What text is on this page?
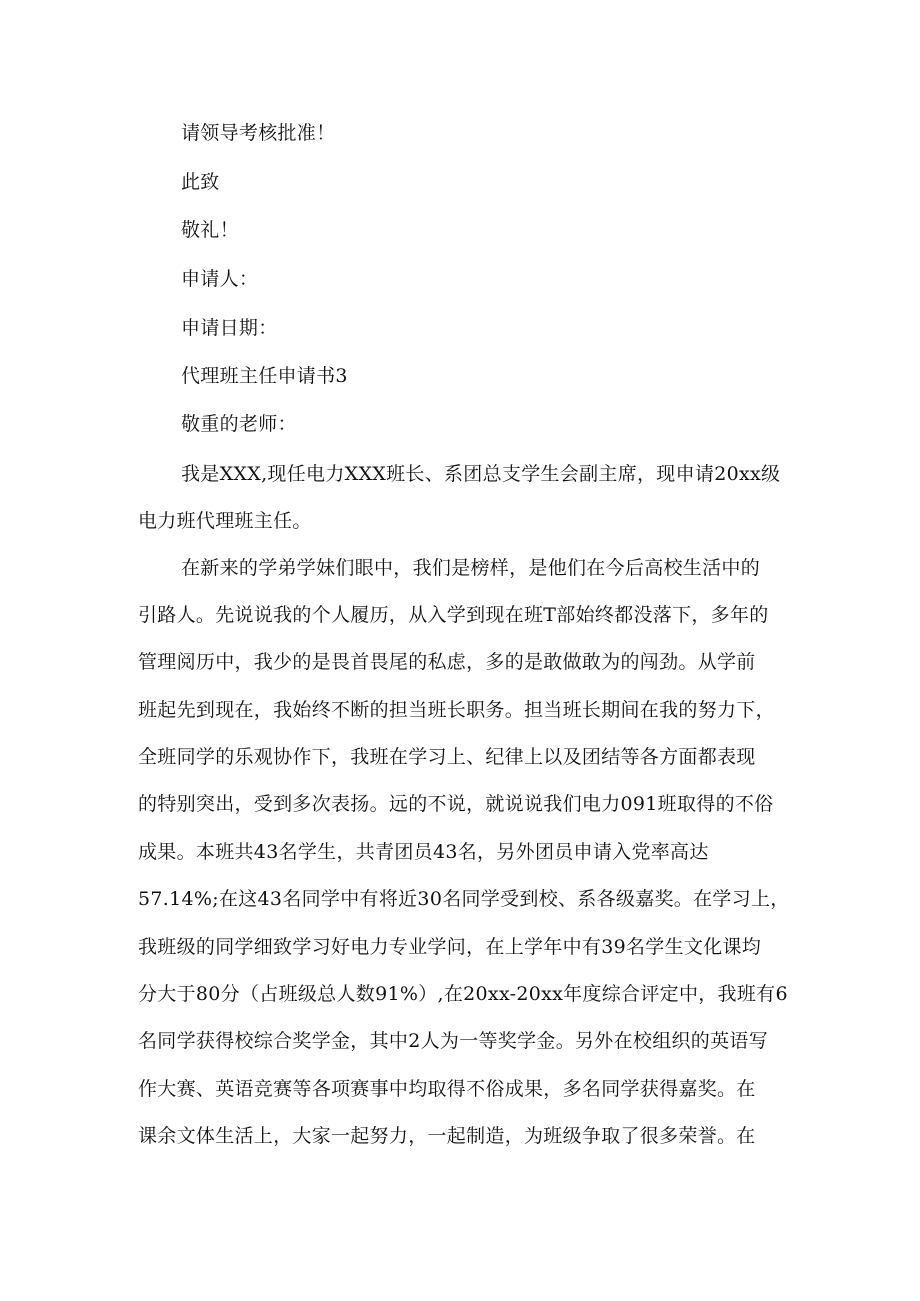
请领导考核批准！
此致
敬礼！
申请人：
申请日期：
代理班主任申请书3
敬重的老师：
我是XXX,现任电力XXX班长、系团总支学生会副主席，现申请20xx级
电力班代理班主任。
在新来的学弟学妹们眼中，我们是榜样，是他们在今后高校生活中的
引路人。先说说我的个人履历，从入学到现在班T部始终都没落下，多年的
管理阅历中，我少的是畏首畏尾的私虑，多的是敢做敢为的闯劲。从学前
班起先到现在，我始终不断的担当班长职务。担当班长期间在我的努力下，
全班同学的乐观协作下，我班在学习上、纪律上以及团结等各方面都表现
的特别突出，受到多次表扬。远的不说，就说说我们电力091班取得的不俗
成果。本班共43名学生，共青团员43名，另外团员申请入党率高达
57.14%;在这43名同学中有将近30名同学受到校、系各级嘉奖。在学习上，
我班级的同学细致学习好电力专业学问，在上学年中有39名学生文化课均
分大于80分（占班级总人数91%）,在20xx-20xx年度综合评定中，我班有6
名同学获得校综合奖学金，其中2人为一等奖学金。另外在校组织的英语写
作大赛、英语竞赛等各项赛事中均取得不俗成果，多名同学获得嘉奖。在
课余文体生活上，大家一起努力，一起制造，为班级争取了很多荣誉。在
